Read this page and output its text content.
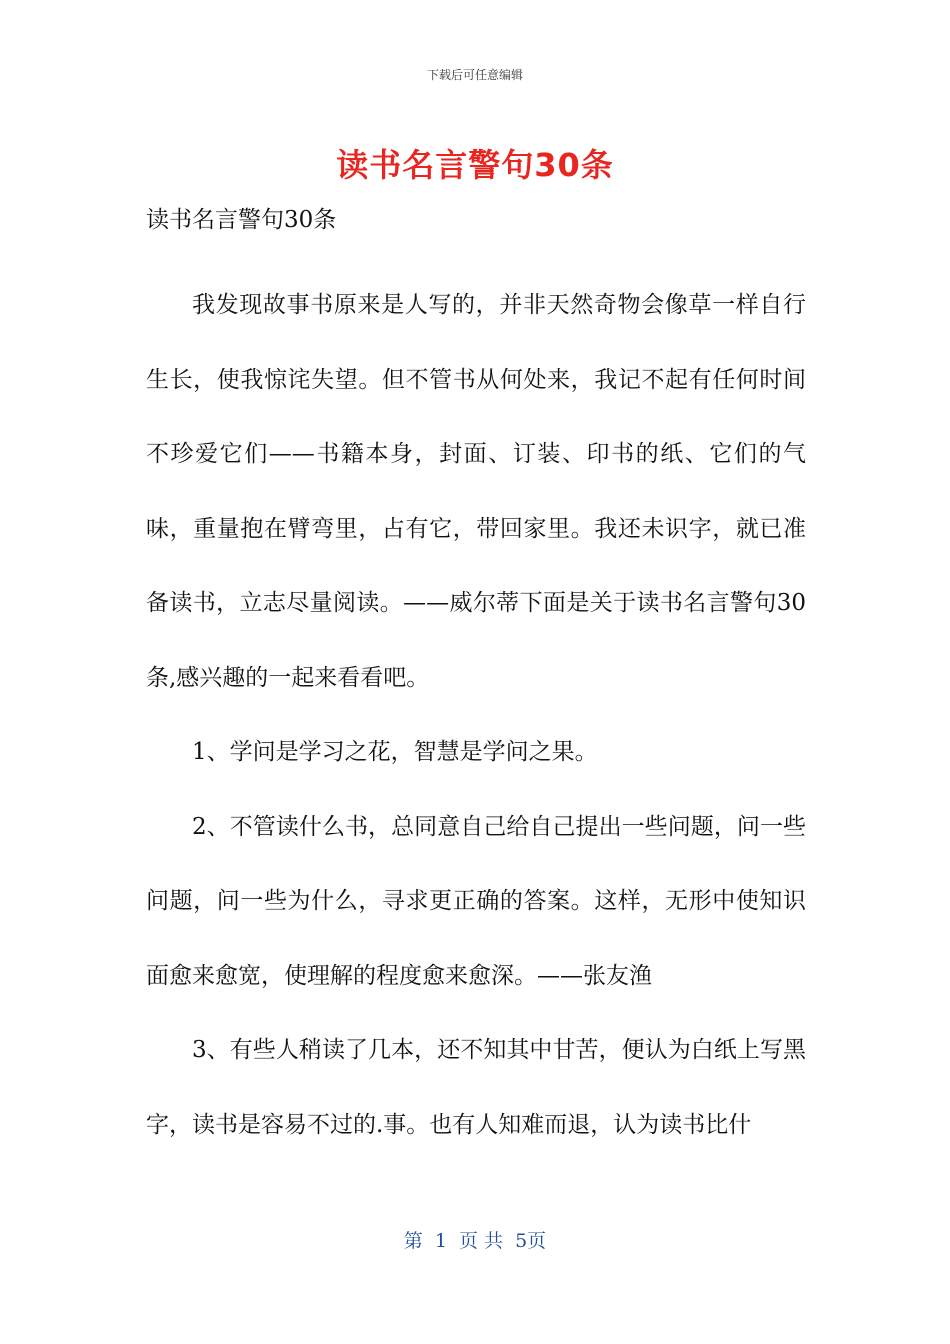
下载后可任意编辑
读书名言警句30条

读书名言警句30条

我发现故事书原来是人写的，并非天然奇物会像草一样自行生长，使我惊诧失望。但不管书从何处来，我记不起有任何时间不珍爱它们——书籍本身，封面、订装、印书的纸、它们的气味，重量抱在臂弯里，占有它，带回家里。我还未识字，就已准备读书，立志尽量阅读。——威尔蒂下面是关于读书名言警句30条,感兴趣的一起来看看吧。

1、学问是学习之花，智慧是学问之果。

2、不管读什么书，总同意自己给自己提出一些问题，问一些问题，问一些为什么，寻求更正确的答案。这样，无形中使知识面愈来愈宽，使理解的程度愈来愈深。——张友渔

3、有些人稍读了几本，还不知其中甘苦，便认为白纸上写黑字，读书是容易不过的.事。也有人知难而退，认为读书比什

第 1 页 共 5页
